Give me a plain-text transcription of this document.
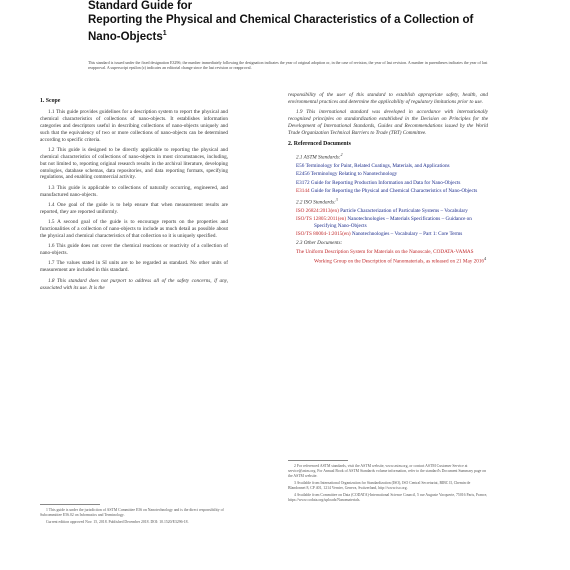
Standard Guide for
Reporting the Physical and Chemical Characteristics of a Collection of Nano-Objects$^1$
This standard is issued under the fixed designation E3296; the number immediately following the designation indicates the year of original adoption or, in the case of revision, the year of last revision. A number in parentheses indicates the year of last reapproval. A superscript epsilon (ε) indicates an editorial change since the last revision or reapproval.
1. Scope
1.1 This guide provides guidelines for a description system to report the physical and chemical characteristics of collections of nano-objects. It establishes information categories and descriptors useful in describing collections of nano-objects uniquely and such that the equivalency of two or more collections of nano-objects can be determined according to specific criteria.
1.2 This guide is designed to be directly applicable to reporting the physical and chemical characteristics of collections of nano-objects in most circumstances, including, but not limited to, reporting original research results in the archival literature, developing ontologies, database schemas, data repositories, and data reporting formats, specifying regulations, and enabling commercial activity.
1.3 This guide is applicable to collections of naturally occurring, engineered, and manufactured nano-objects.
1.4 One goal of the guide is to help ensure that when measurement results are reported, they are reported uniformly.
1.5 A second goal of the guide is to encourage reports on the properties and functionalities of a collection of nano-objects to include as much detail as possible about the physical and chemical characteristics of that collection so it is uniquely specified.
1.6 This guide does not cover the chemical reactions or reactivity of a collection of nano-objects.
1.7 The values stated in SI units are to be regarded as standard. No other units of measurement are included in this standard.
1.8 This standard does not purport to address all of the safety concerns, if any, associated with its use. It is the
responsibility of the user of this standard to establish appropriate safety, health, and environmental practices and determine the applicability of regulatory limitations prior to use.
1.9 This international standard was developed in accordance with internationally recognized principles on standardization established in the Decision on Principles for the Development of International Standards, Guides and Recommendations issued by the World Trade Organization Technical Barriers to Trade (TBT) Committee.
2. Referenced Documents
2.1 ASTM Standards:$^2$
E56 Terminology for Paint, Related Coatings, Materials, and Applications
E2456 Terminology Relating to Nanotechnology
E3172 Guide for Reporting Production Information and Data for Nano-Objects
E3144 Guide for Reporting the Physical and Chemical Characteristics of Nano-Objects
2.2 ISO Standards:$^3$
ISO 26824:2013(en) Particle Characterization of Particulate Systems – Vocabulary
ISO/TS 12805:2011(en) Nanotechnologies – Materials Specifications – Guidance on Specifying Nano-Objects
ISO/TS 80004-1:2015(en) Nanotechnologies – Vocabulary – Part 1: Core Terms
2.3 Other Documents:
The Uniform Description System for Materials on the Nanoscale, CODATA-VAMAS Working Group on the Description of Nanomaterials, as released on 21 May 2016$^4$

1 This guide is under the jurisdiction of ASTM Committee E56 on Nanotechnology and is the direct responsibility of Subcommittee E56.02 on Informatics and Terminology.

Current edition approved Nov. 15, 2018. Published December 2018. DOI: 10.1520/E3296-18.

2 For referenced ASTM standards, visit the ASTM website, www.astm.org, or contact ASTM Customer Service at service@astm.org. For Annual Book of ASTM Standards volume information, refer to the standard's Document Summary page on the ASTM website.

3 Available from International Organization for Standardization (ISO), ISO Central Secretariat, BIBC II, Chemin de Blandonnet 8, CP 401, 1214 Vernier, Geneva, Switzerland, http://www.iso.org.

4 Available from Committee on Data (CODATA)-International Science Council, 5 rue Auguste Vacquerie, 75016 Paris, France, https://www.codata.org/uploads/Nanomaterials.
